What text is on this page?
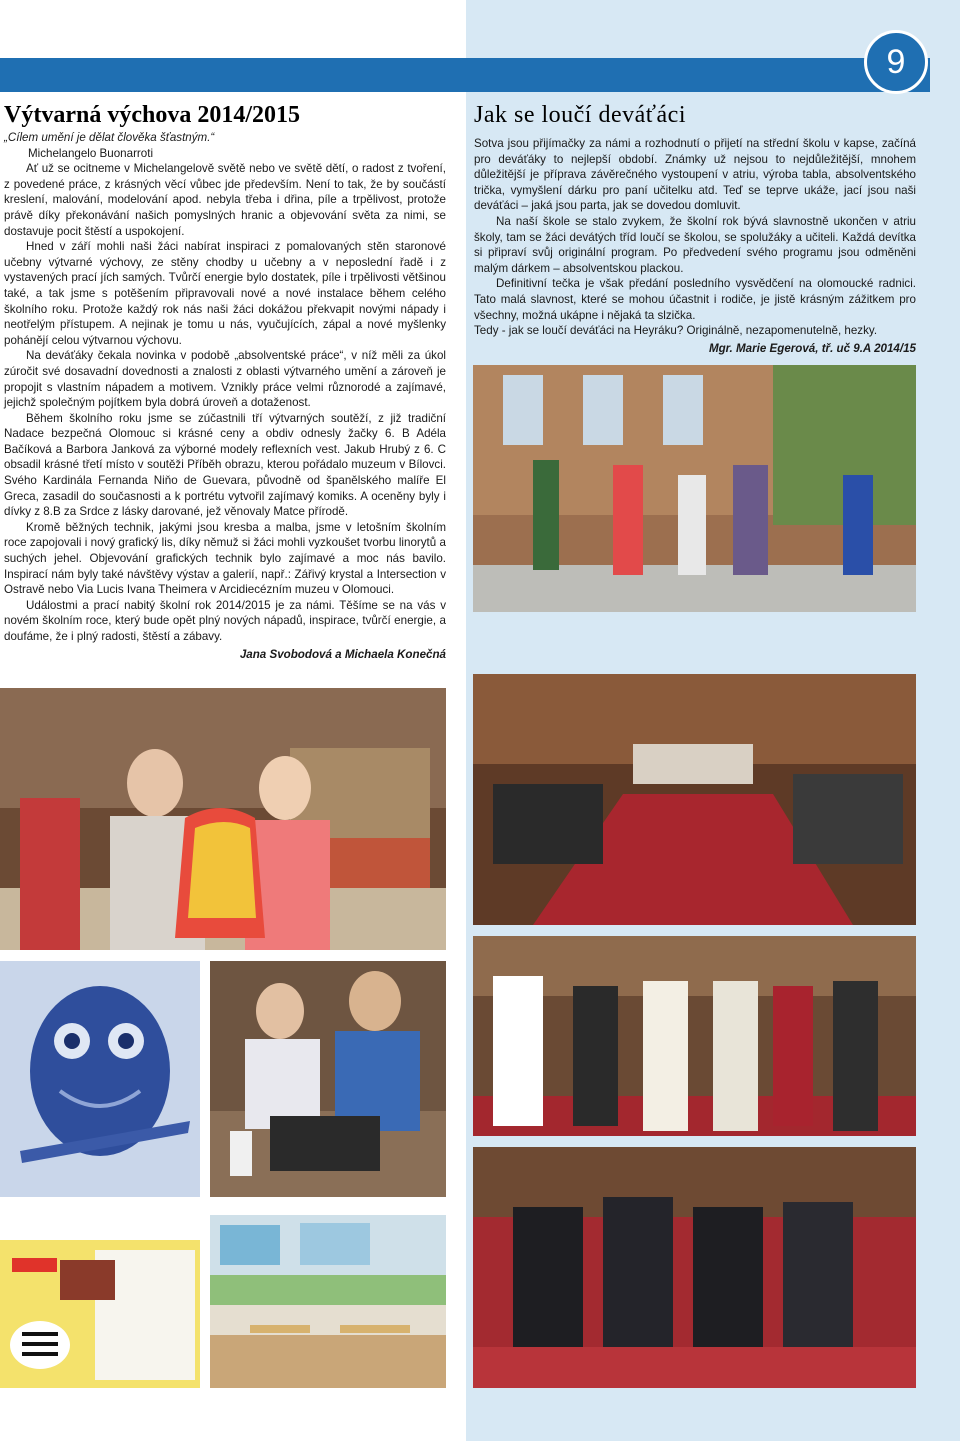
9
Výtvarná výchova 2014/2015
„Cílem umění je dělat člověka šťastným.“
Michelangelo Buonarroti

Ať už se ocitneme v Michelangelově světě nebo ve světě dětí, o radost z tvoření, z povedené práce, z krásných věcí vůbec jde především. Není to tak, že by součástí kreslení, malování, modelování apod. nebyla třeba i dřina, píle a trpělivost, protože právě díky překonávání našich pomyslných hranic a objevování světa za nimi, se dostavuje pocit štěstí a uspokojení.

Hned v září mohli naši žáci nabírat inspiraci z pomalovaných stěn staronové učebny výtvarné výchovy, ze stěny chodby u učebny a v neposlední řadě i z vystavených prací jích samých. Tvůrčí energie bylo dostatek, píle i trpělivosti většinou také, a tak jsme s potěšením připravovali nové a nové instalace během celého školního roku. Protože každý rok nás naši žáci dokážou překvapit novými nápady i neotřelým přístupem. A nejinak je tomu u nás, vyučujících, zápal a nové myšlenky pohánějí celou výtvarnou výchovu.

Na deváťáky čekala novinka v podobě „absolventské práce“, v níž měli za úkol zúročit své dosavadní dovednosti a znalosti z oblasti výtvarného umění a zároveň je propojit s vlastním nápadem a motivem. Vznikly práce velmi různorodé a zajímavé, jejichž společným pojítkem byla dobrá úroveň a dotaženost.

Během školního roku jsme se zúčastnili tří výtvarných soutěží, z již tradiční Nadace bezpečná Olomouc si krásné ceny a obdiv odnesly žačky 6. B Adéla Bačíková a Barbora Janková za výborné modely reflexních vest. Jakub Hrubý z 6. C obsadil krásné třetí místo v soutěži Příběh obrazu, kterou pořádalo muzeum v Bílovci. Svého Kardinála Fernanda Niňo de Guevara, původně od španělského malíře El Greca, zasadil do současnosti a k portrétu vytvořil zajímavý komiks. A oceněny byly i dívky z 8.B za Srdce z lásky darované, jež věnovaly Matce přírodě.

Kromě běžných technik, jakými jsou kresba a malba, jsme v letošním školním roce zapojovali i nový grafický lis, díky němuž si žáci mohli vyzkoušet tvorbu linorytů a suchých jehel. Objevování grafických technik bylo zajímavé a moc nás bavilo. Inspirací nám byly také návštěvy výstav a galerií, např.: Zářivý krystal a Intersection v Ostravě nebo Via Lucis Ivana Theimera v Arcidiecézním muzeu v Olomouci.

Událostmi a prací nabitý školní rok 2014/2015 je za námi. Těšíme se na vás v novém školním roce, který bude opět plný nových nápadů, inspirace, tvůrčí energie, a doufáme, že i plný radosti, štěstí a zábavy.

Jana Svobodová a Michaela Konečná
Jak se loučí deváťáci

Sotva jsou přijímačky za námi a rozhodnutí o přijetí na střední školu v kapse, začíná pro deváťáky to nejlepší období. Známky už nejsou to nejdůležitější, mnohem důležitější je příprava závěrečného vystoupení v atriu, výroba tabla, absolventského trička, vymyšlení dárku pro paní učitelku atd. Teď se teprve ukáže, jací jsou naši deváťáci – jaká jsou parta, jak se dovedou domluvit.

Na naší škole se stalo zvykem, že školní rok bývá slavnostně ukončen v atriu školy, tam se žáci devátých tříd loučí se školou, se spolužáky a učiteli. Každá devítka si připraví svůj originální program. Po předvedení svého programu jsou odměněni malým dárkem – absolventskou plackou.

Definitivní tečka je však předání posledního vysvědčení na olomoucké radnici. Tato malá slavnost, které se mohou účastnit i rodiče, je jistě krásným zážitkem pro všechny, možná ukápne i nějaká ta slzička.

Tedy - jak se loučí deváťáci na Heyráku? Originálně, nezapomenutelně, hezky.

Mgr. Marie Egerová, tř. uč 9.A 2014/15
